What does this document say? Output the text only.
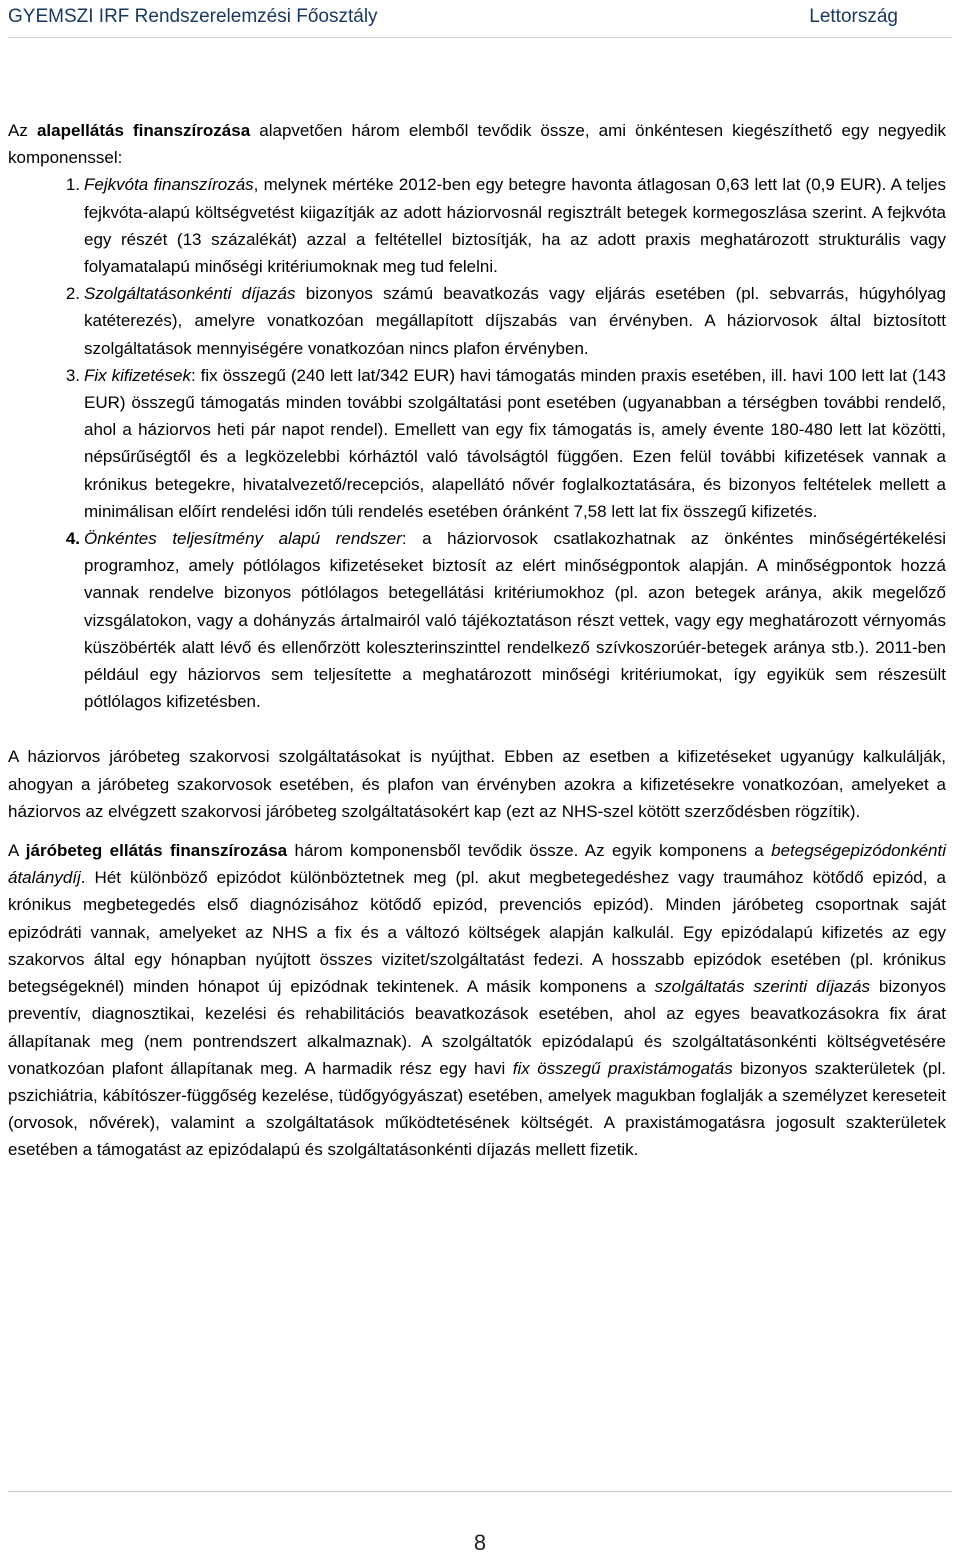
GYEMSZI IRF Rendszerelemzési Főosztály	Lettország

Az alapellátás finanszírozása alapvetően három elemből tevődik össze, ami önkéntesen kiegészíthető egy negyedik komponenssel:

1. Fejkvóta finanszírozás, melynek mértéke 2012-ben egy betegre havonta átlagosan 0,63 lett lat (0,9 EUR). A teljes fejkvóta-alapú költségvetést kiigazítják az adott háziorvosnál regisztrált betegek kormegoszlása szerint. A fejkvóta egy részét (13 százalékát) azzal a feltétellel biztosítják, ha az adott praxis meghatározott strukturális vagy folyamatalapú minőségi kritériumoknak meg tud felelni.
2. Szolgáltatásonkénti díjazás bizonyos számú beavatkozás vagy eljárás esetében (pl. sebvarrás, húgyhólyag katéterezés), amelyre vonatkozóan megállapított díjszabás van érvényben. A háziorvosok által biztosított szolgáltatások mennyiségére vonatkozóan nincs plafon érvényben.
3. Fix kifizetések: fix összegű (240 lett lat/342 EUR) havi támogatás minden praxis esetében, ill. havi 100 lett lat (143 EUR) összegű támogatás minden további szolgáltatási pont esetében (ugyanabban a térségben további rendelő, ahol a háziorvos heti pár napot rendel). Emellett van egy fix támogatás is, amely évente 180-480 lett lat közötti, népsűrűségtől és a legközelebbi kórháztól való távolságtól függően. Ezen felül további kifizetések vannak a krónikus betegekre, hivatalvezető/recepciós, alapellátó nővér foglalkoztatására, és bizonyos feltételek mellett a minimálisan előírt rendelési időn túli rendelés esetében óránként 7,58 lett lat fix összegű kifizetés.
4. Önkéntes teljesítmény alapú rendszer: a háziorvosok csatlakozhatnak az önkéntes minőségértékelési programhoz, amely pótlólagos kifizetéseket biztosít az elért minőségpontok alapján. A minőségpontok hozzá vannak rendelve bizonyos pótlólagos betegellátási kritériumokhoz (pl. azon betegek aránya, akik megelőző vizsgálatokon, vagy a dohányzás ártalmairól való tájékoztatáson részt vettek, vagy egy meghatározott vérnyomás küszöbérték alatt lévő és ellenőrzött koleszterinszinttel rendelkező szívkoszorúér-betegek aránya stb.). 2011-ben például egy háziorvos sem teljesítette a meghatározott minőségi kritériumokat, így egyikük sem részesült pótlólagos kifizetésben.

A háziorvos járóbeteg szakorvosi szolgáltatásokat is nyújthat. Ebben az esetben a kifizetéseket ugyanúgy kalkulálják, ahogyan a járóbeteg szakorvosok esetében, és plafon van érvényben azokra a kifizetésekre vonatkozóan, amelyeket a háziorvos az elvégzett szakorvosi járóbeteg szolgáltatásokért kap (ezt az NHS-szel kötött szerződésben rögzítik).

A járóbeteg ellátás finanszírozása három komponensből tevődik össze. Az egyik komponens a betegségepizódonkénti átalánydíj. Hét különböző epizódot különböztetnek meg (pl. akut megbetegedéshez vagy traumához kötődő epizód, a krónikus megbetegedés első diagnózisához kötődő epizód, prevenciós epizód). Minden járóbeteg csoportnak saját epizódráti vannak, amelyeket az NHS a fix és a változó költségek alapján kalkulál. Egy epizódalapú kifizetés az egy szakorvos által egy hónapban nyújtott összes vizitet/szolgáltatást fedezi. A hosszabb epizódok esetében (pl. krónikus betegségeknél) minden hónapot új epizódnak tekintenek. A másik komponens a szolgáltatás szerinti díjazás bizonyos preventív, diagnosztikai, kezelési és rehabilitációs beavatkozások esetében, ahol az egyes beavatkozásokra fix árat állapítanak meg (nem pontrendszert alkalmaznak). A szolgáltatók epizódalapú és szolgáltatásonkénti költségvetésére vonatkozóan plafont állapítanak meg. A harmadik rész egy havi fix összegű praxistámogatás bizonyos szakterületek (pl. pszichiátria, kábítószer-függőség kezelése, tüdőgyógyászat) esetében, amelyek magukban foglalják a személyzet kereseteit (orvosok, nővérek), valamint a szolgáltatások működtetésének költségét. A praxistámogatásra jogosult szakterületek esetében a támogatást az epizódalapú és szolgáltatásonkénti díjazás mellett fizetik.

8
